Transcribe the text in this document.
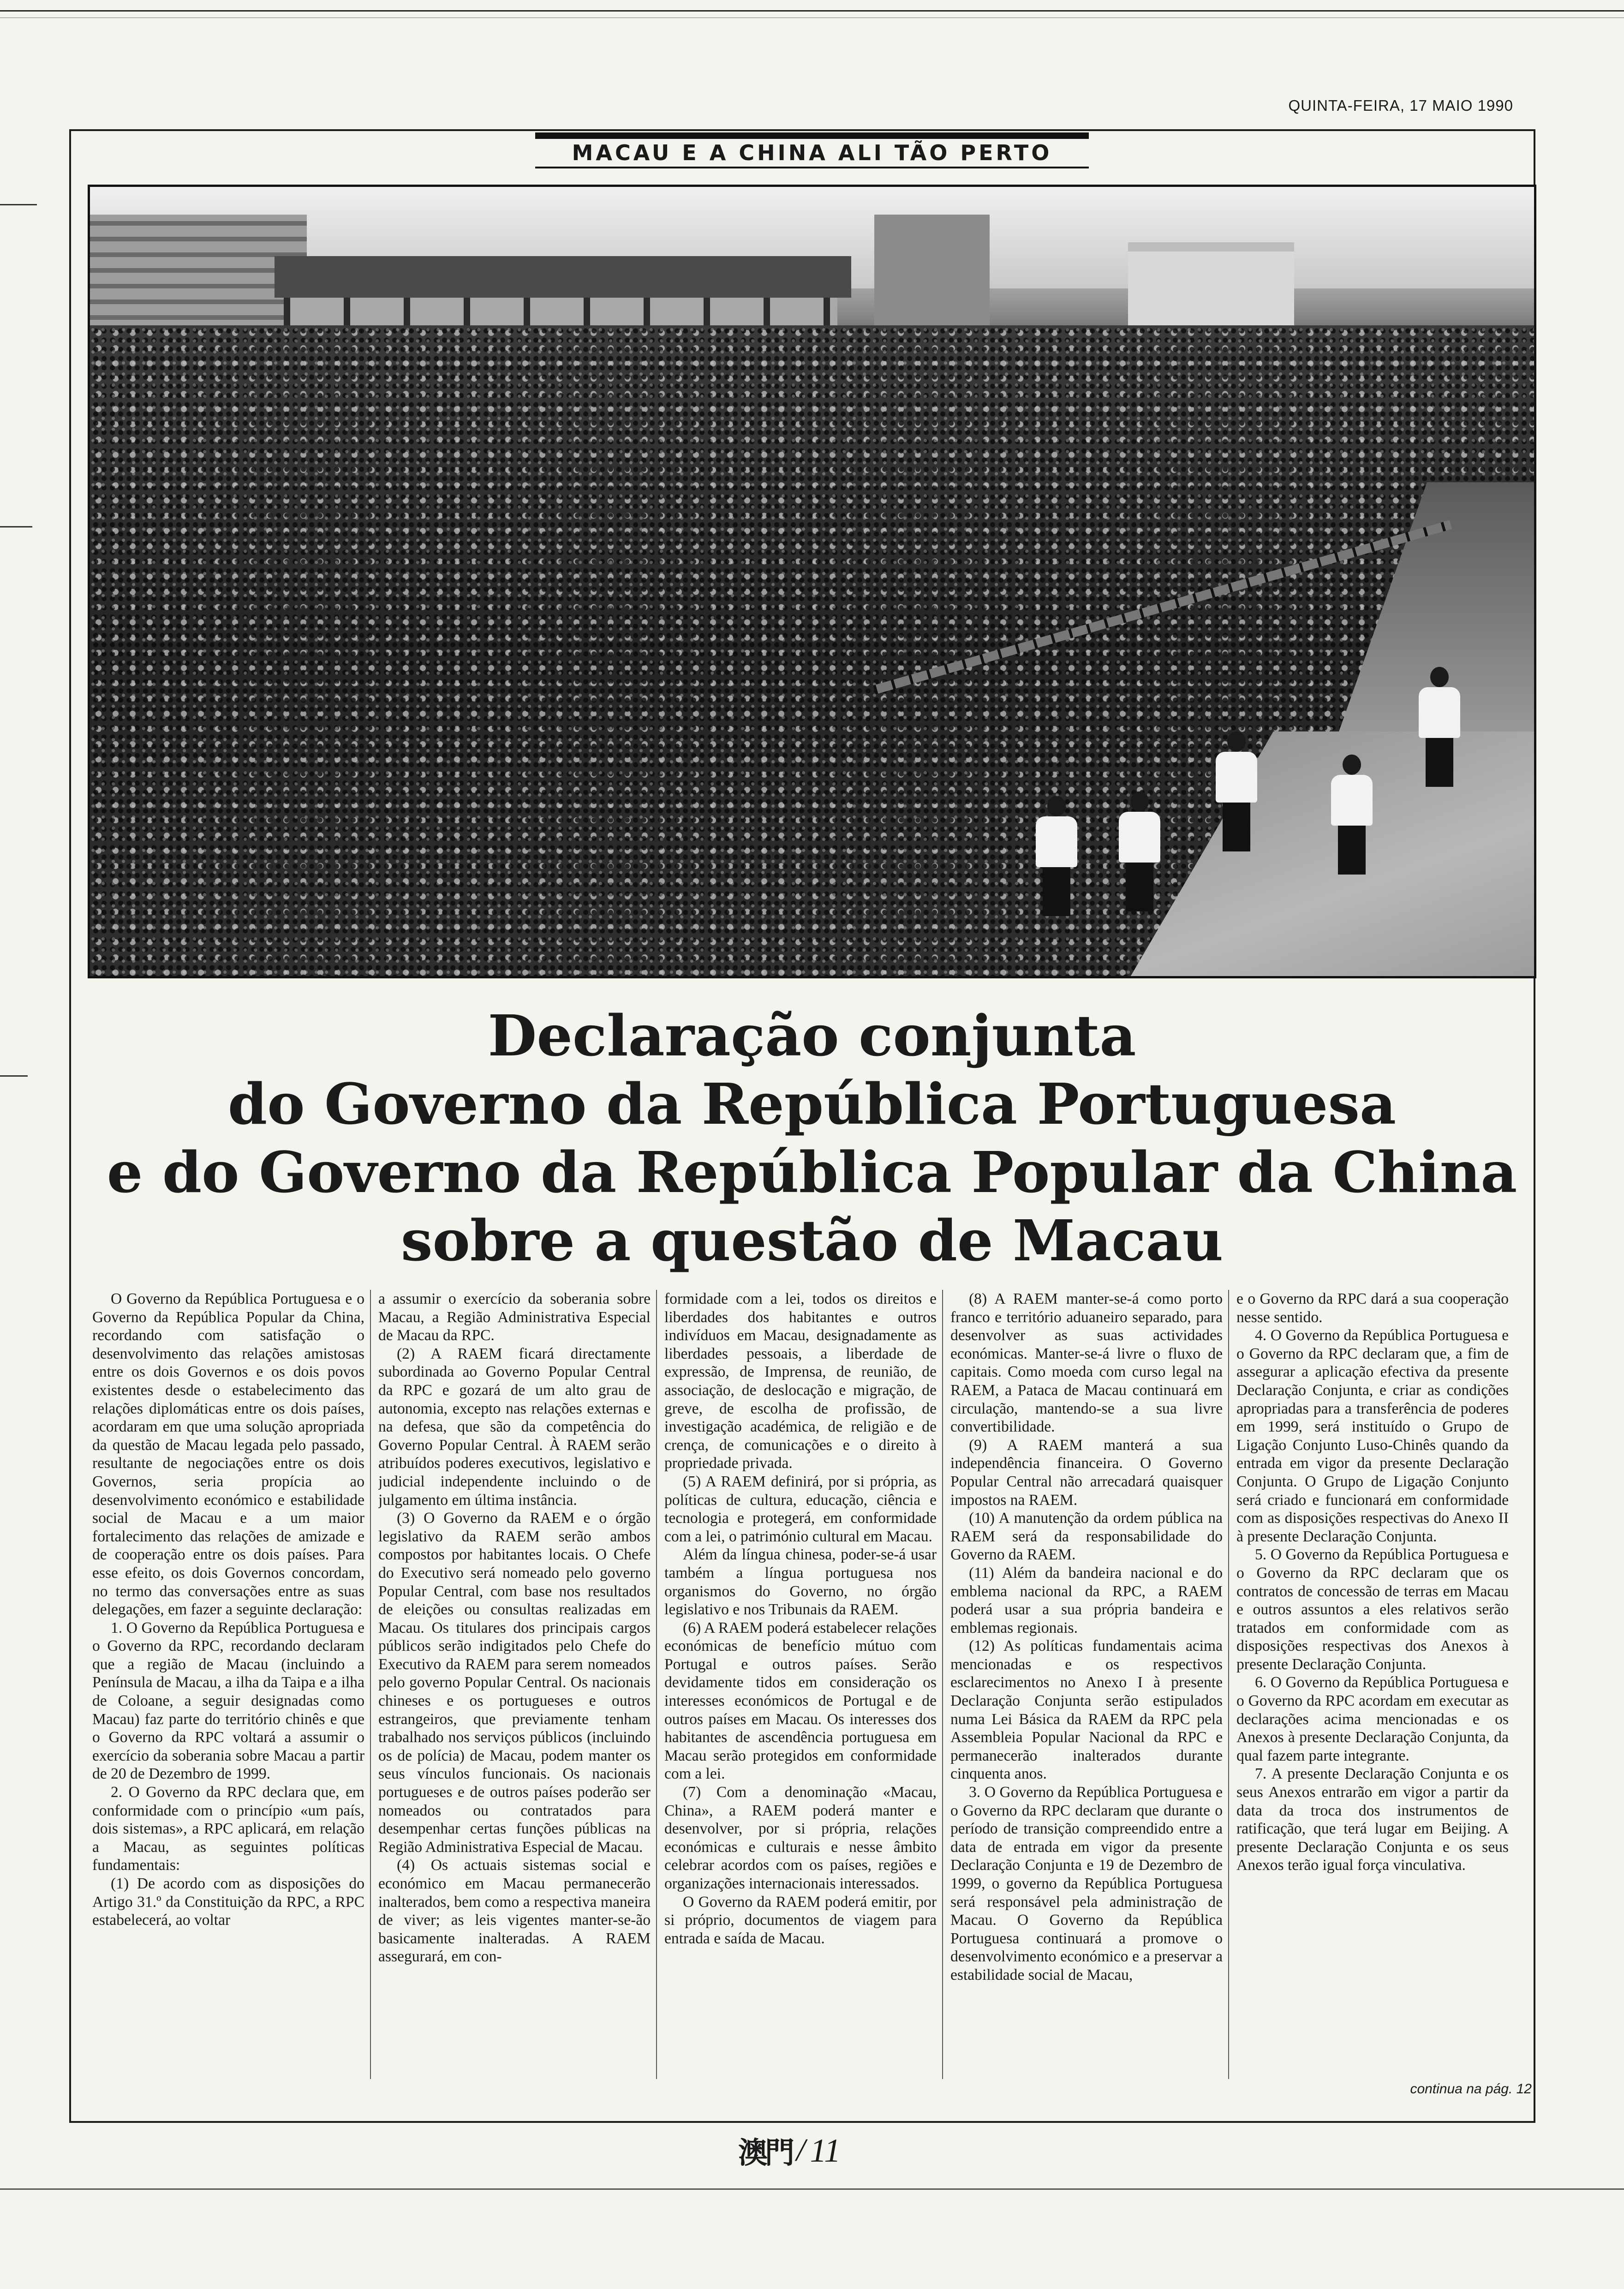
QUINTA-FEIRA, 17 MAIO 1990
MACAU E A CHINA ALI TÃO PERTO
Declaração conjunta
do Governo da República Portuguesa
e do Governo da República Popular da China
sobre a questão de Macau

O Governo da República Portuguesa e o Governo da República Popular da China, recordando com satisfação o desenvolvimento das relações amistosas entre os dois Governos e os dois povos existentes desde o estabelecimento das relações diplomáticas entre os dois países, acordaram em que uma solução apropriada da questão de Macau legada pelo passado, resultante de negociações entre os dois Governos, seria propícia ao desenvolvimento económico e estabilidade social de Macau e a um maior fortalecimento das relações de amizade e de cooperação entre os dois países. Para esse efeito, os dois Governos concordam, no termo das conversações entre as suas delegações, em fazer a seguinte declaração:

1. O Governo da República Portuguesa e o Governo da RPC, recordando declaram que a região de Macau (incluindo a Península de Macau, a ilha da Taipa e a ilha de Coloane, a seguir designadas como Macau) faz parte do território chinês e que o Governo da RPC voltará a assumir o exercício da soberania sobre Macau a partir de 20 de Dezembro de 1999.

2. O Governo da RPC declara que, em conformidade com o princípio «um país, dois sistemas», a RPC aplicará, em relação a Macau, as seguintes políticas fundamentais:

(1) De acordo com as disposições do Artigo 31.º da Constituição da RPC, a RPC estabelecerá, ao voltar

a assumir o exercício da soberania sobre Macau, a Região Administrativa Especial de Macau da RPC.

(2) A RAEM ficará directamente subordinada ao Governo Popular Central da RPC e gozará de um alto grau de autonomia, excepto nas relações externas e na defesa, que são da competência do Governo Popular Central. À RAEM serão atribuídos poderes executivos, legislativo e judicial independente incluindo o de julgamento em última instância.

(3) O Governo da RAEM e o órgão legislativo da RAEM serão ambos compostos por habitantes locais. O Chefe do Executivo será nomeado pelo governo Popular Central, com base nos resultados de eleições ou consultas realizadas em Macau. Os titulares dos principais cargos públicos serão indigitados pelo Chefe do Executivo da RAEM para serem nomeados pelo governo Popular Central. Os nacionais chineses e os portugueses e outros estrangeiros, que previamente tenham trabalhado nos serviços públicos (incluindo os de polícia) de Macau, podem manter os seus vínculos funcionais. Os nacionais portugueses e de outros países poderão ser nomeados ou contratados para desempenhar certas funções públicas na Região Administrativa Especial de Macau.

(4) Os actuais sistemas social e económico em Macau permanecerão inalterados, bem como a respectiva maneira de viver; as leis vigentes manter-se-ão basicamente inalteradas. A RAEM assegurará, em con-

formidade com a lei, todos os direitos e liberdades dos habitantes e outros indivíduos em Macau, designadamente as liberdades pessoais, a liberdade de expressão, de Imprensa, de reunião, de associação, de deslocação e migração, de greve, de escolha de profissão, de investigação académica, de religião e de crença, de comunicações e o direito à propriedade privada.

(5) A RAEM definirá, por si própria, as políticas de cultura, educação, ciência e tecnologia e protegerá, em conformidade com a lei, o património cultural em Macau.

Além da língua chinesa, poder-se-á usar também a língua portuguesa nos organismos do Governo, no órgão legislativo e nos Tribunais da RAEM.

(6) A RAEM poderá estabelecer relações económicas de benefício mútuo com Portugal e outros países. Serão devidamente tidos em consideração os interesses económicos de Portugal e de outros países em Macau. Os interesses dos habitantes de ascendência portuguesa em Macau serão protegidos em conformidade com a lei.

(7) Com a denominação «Macau, China», a RAEM poderá manter e desenvolver, por si própria, relações económicas e culturais e nesse âmbito celebrar acordos com os países, regiões e organizações internacionais interessados.

O Governo da RAEM poderá emitir, por si próprio, documentos de viagem para entrada e saída de Macau.

(8) A RAEM manter-se-á como porto franco e território aduaneiro separado, para desenvolver as suas actividades económicas. Manter-se-á livre o fluxo de capitais. Como moeda com curso legal na RAEM, a Pataca de Macau continuará em circulação, mantendo-se a sua livre convertibilidade.

(9) A RAEM manterá a sua independência financeira. O Governo Popular Central não arrecadará quaisquer impostos na RAEM.

(10) A manutenção da ordem pública na RAEM será da responsabilidade do Governo da RAEM.

(11) Além da bandeira nacional e do emblema nacional da RPC, a RAEM poderá usar a sua própria bandeira e emblemas regionais.

(12) As políticas fundamentais acima mencionadas e os respectivos esclarecimentos no Anexo I à presente Declaração Conjunta serão estipulados numa Lei Básica da RAEM da RPC pela Assembleia Popular Nacional da RPC e permanecerão inalterados durante cinquenta anos.

3. O Governo da República Portuguesa e o Governo da RPC declaram que durante o período de transição compreendido entre a data de entrada em vigor da presente Declaração Conjunta e 19 de Dezembro de 1999, o governo da República Portuguesa será responsável pela administração de Macau. O Governo da República Portuguesa continuará a promove o desenvolvimento económico e a preservar a estabilidade social de Macau,

e o Governo da RPC dará a sua cooperação nesse sentido.

4. O Governo da República Portuguesa e o Governo da RPC declaram que, a fim de assegurar a aplicação efectiva da presente Declaração Conjunta, e criar as condições apropriadas para a transferência de poderes em 1999, será instituído o Grupo de Ligação Conjunto Luso-Chinês quando da entrada em vigor da presente Declaração Conjunta. O Grupo de Ligação Conjunto será criado e funcionará em conformidade com as disposições respectivas do Anexo II à presente Declaração Conjunta.

5. O Governo da República Portuguesa e o Governo da RPC declaram que os contratos de concessão de terras em Macau e outros assuntos a eles relativos serão tratados em conformidade com as disposições respectivas dos Anexos à presente Declaração Conjunta.

6. O Governo da República Portuguesa e o Governo da RPC acordam em executar as declarações acima mencionadas e os Anexos à presente Declaração Conjunta, da qual fazem parte integrante.

7. A presente Declaração Conjunta e os seus Anexos entrarão em vigor a partir da data da troca dos instrumentos de ratificação, que terá lugar em Beijing. A presente Declaração Conjunta e os seus Anexos terão igual força vinculativa.

continua na pág. 12
澳門 / 11
